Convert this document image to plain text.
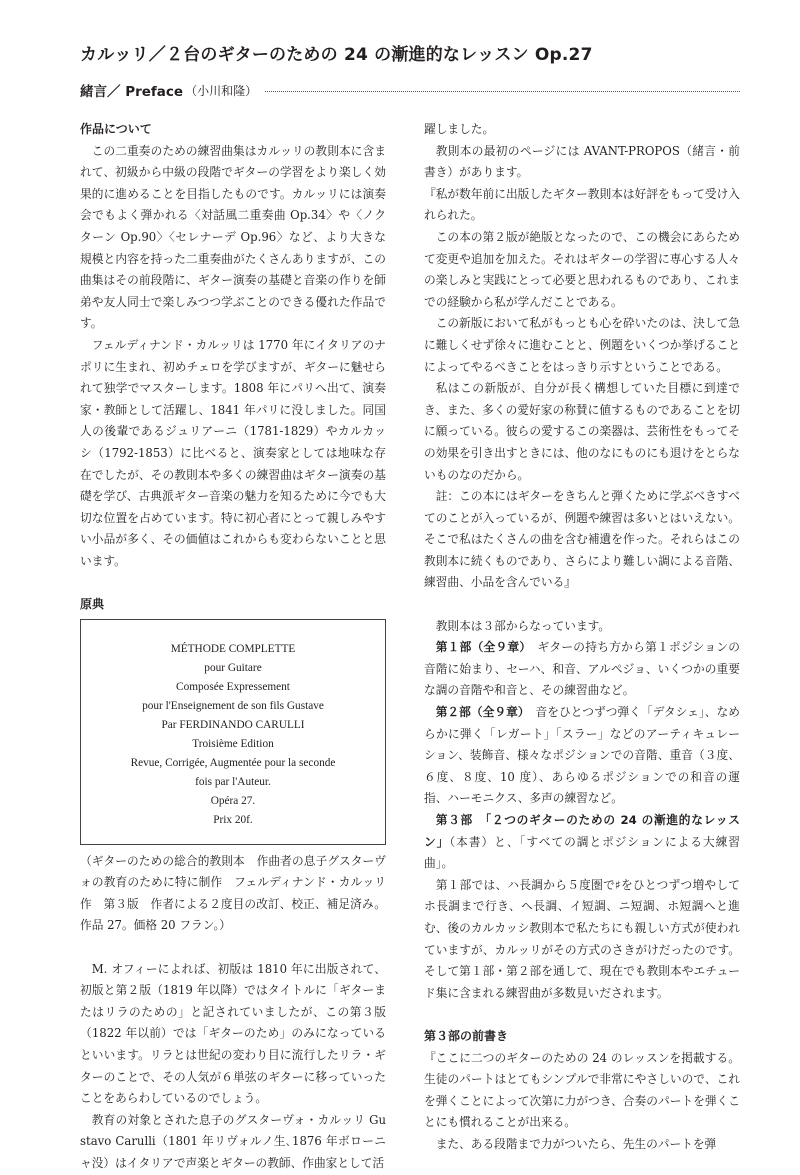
カルッリ／２台のギターのための 24 の漸進的なレッスン Op.27
緒言／ Preface （小川和隆）
作品について

この二重奏のための練習曲集はカルッリの教則本に含まれて、初級から中級の段階でギターの学習をより楽しく効果的に進めることを目指したものです。カルッリには演奏会でもよく弾かれる〈対話風二重奏曲 Op.34〉や〈ノクターン Op.90〉〈セレナーデ Op.96〉など、より大きな規模と内容を持った二重奏曲がたくさんありますが、この曲集はその前段階に、ギター演奏の基礎と音楽の作りを師弟や友人同士で楽しみつつ学ぶことのできる優れた作品です。

フェルディナンド・カルッリは 1770 年にイタリアのナポリに生まれ、初めチェロを学びますが、ギターに魅せられて独学でマスターします。1808 年にパリへ出て、演奏家・教師として活躍し、1841 年パリに没しました。同国人の後輩であるジュリアーニ（1781-1829）やカルカッシ（1792-1853）に比べると、演奏家としては地味な存在でしたが、その教則本や多くの練習曲はギター演奏の基礎を学び、古典派ギター音楽の魅力を知るために今でも大切な位置を占めています。特に初心者にとって親しみやすい小品が多く、その価値はこれからも変わらないことと思います。

原典
MÉTHODE COMPLETTE
pour Guitare
Composée Expressement
pour l'Enseignement de son fils Gustave
Par FERDINANDO CARULLI
Troisième Edition
Revue, Corrigée, Augmentée pour la seconde
fois par l'Auteur.
Opéra 27.
Prix 20f.

（ギターのための総合的教則本　作曲者の息子グスターヴォの教育のために特に制作　フェルディナンド・カルッリ作　第３版　作者による２度目の改訂、校正、補足済み。作品 27。価格 20 フラン。）

M. オフィーによれば、初版は 1810 年に出版されて、初版と第２版（1819 年以降）ではタイトルに「ギターまたはリラのための」と記されていましたが、この第３版（1822 年以前）では「ギターのため」のみになっているといいます。リラとは世紀の変わり目に流行したリラ・ギターのことで、その人気が６単弦のギターに移っていったことをあらわしているのでしょう。

教育の対象とされた息子のグスターヴォ・カルッリ Gustavo Carulli（1801 年リヴォルノ生､1876 年ボローニャ没）はイタリアで声楽とギターの教師、作曲家として活

躍しました。

教則本の最初のページには AVANT-PROPOS（緒言・前書き）があります。

『私が数年前に出版したギター教則本は好評をもって受け入れられた。

この本の第２版が絶版となったので、この機会にあらためて変更や追加を加えた。それはギターの学習に専心する人々の楽しみと実践にとって必要と思われるものであり、これまでの経験から私が学んだことである。

この新版において私がもっとも心を砕いたのは、決して急に難しくせず徐々に進むことと、例題をいくつか挙げることによってやるべきことをはっきり示すということである。

私はこの新版が、自分が長く構想していた目標に到達でき、また、多くの愛好家の称賛に値するものであることを切に願っている。彼らの愛するこの楽器は、芸術性をもってその効果を引き出すときには、他のなにものにも退けをとらないものなのだから。

註：この本にはギターをきちんと弾くために学ぶべきすべてのことが入っているが、例題や練習は多いとはいえない。そこで私はたくさんの曲を含む補遺を作った。それらはこの教則本に続くものであり、さらにより難しい調による音階、練習曲、小品を含んでいる』

教則本は３部からなっています。

第１部（全９章）　 ギターの持ち方から第１ポジションの音階に始まり、セーハ、和音、アルペジョ、いくつかの重要な調の音階や和音と、その練習曲など。

第２部（全９章）　 音をひとつずつ弾く「デタシェ」、なめらかに弾く「レガート」「スラー」などのアーティキュレーション、装飾音、様々なポジションでの音階、重音（３度、６度、８度、10 度）、あらゆるポジションでの和音の運指、ハーモニクス、多声の練習など。

第３部　「２つのギターのための 24 の漸進的なレッスン」（本書）と、「すべての調とポジションによる大練習曲」。

第１部では、ハ長調から５度圏で♯をひとつずつ増やしてホ長調まで行き、ヘ長調、イ短調、ニ短調、ホ短調へと進む、後のカルカッシ教則本で私たちにも親しい方式が使われていますが、カルッリがその方式のさきがけだったのです。そして第１部・第２部を通して、現在でも教則本やエチュード集に含まれる練習曲が多数見いだされます。

第３部の前書き

『ここに二つのギターのための 24 のレッスンを掲載する。生徒のパートはとてもシンプルで非常にやさしいので、これを弾くことによって次第に力がつき、合奏のパートを弾くことにも慣れることが出来る。

また、ある段階まで力がついたら、先生のパートを弾
